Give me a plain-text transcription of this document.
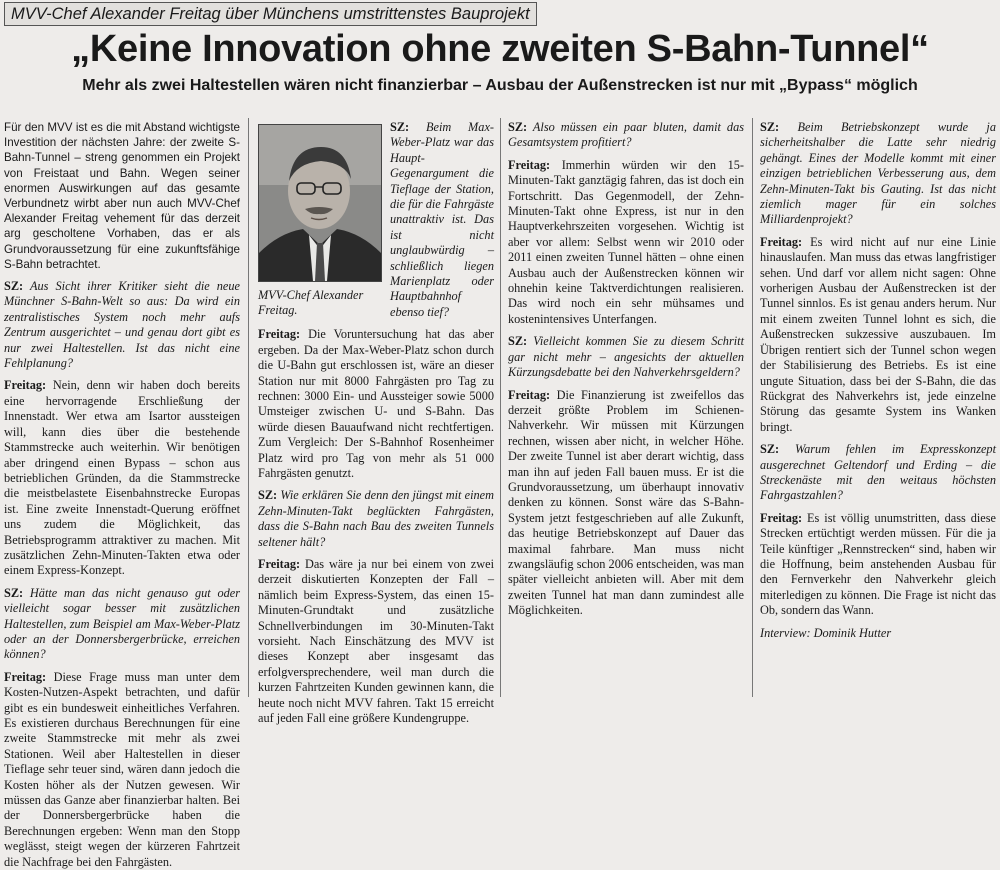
MVV-Chef Alexander Freitag über Münchens umstrittenstes Bauprojekt
„Keine Innovation ohne zweiten S-Bahn-Tunnel“
Mehr als zwei Haltestellen wären nicht finanzierbar – Ausbau der Außenstrecken ist nur mit „Bypass“ möglich

Für den MVV ist es die mit Abstand wichtigste Investition der nächsten Jahre: der zweite S-Bahn-Tunnel – streng genommen ein Projekt von Freistaat und Bahn. Wegen seiner enormen Auswirkungen auf das gesamte Verbundnetz wirbt aber nun auch MVV-Chef Alexander Freitag vehement für das derzeit arg gescholtene Vorhaben, das er als Grundvoraussetzung für eine zukunftsfähige S-Bahn betrachtet.

SZ: Aus Sicht ihrer Kritiker sieht die neue Münchner S-Bahn-Welt so aus: Da wird ein zentralistisches System noch mehr aufs Zentrum ausgerichtet – und genau dort gibt es nur zwei Haltestellen. Ist das nicht eine Fehlplanung?

Freitag: Nein, denn wir haben doch bereits eine hervorragende Erschließung der Innenstadt. Wer etwa am Isartor aussteigen will, kann dies über die bestehende Stammstrecke auch weiterhin. Wir benötigen aber dringend einen Bypass – schon aus betrieblichen Gründen, da die Stammstrecke die meistbelastete Eisenbahnstrecke Europas ist. Eine zweite Innenstadt-Querung eröffnet uns zudem die Möglichkeit, das Betriebsprogramm attraktiver zu machen. Mit zusätzlichen Zehn-Minuten-Takten etwa oder einem Express-Konzept.

SZ: Hätte man das nicht genauso gut oder vielleicht sogar besser mit zusätzlichen Haltestellen, zum Beispiel am Max-Weber-Platz oder an der Donnersbergerbrücke, erreichen können?

Freitag: Diese Frage muss man unter dem Kosten-Nutzen-Aspekt betrachten, und dafür gibt es ein bundesweit einheitliches Verfahren. Es existieren durchaus Berechnungen für eine zweite Stammstrecke mit mehr als zwei Stationen. Weil aber Haltestellen in dieser Tieflage sehr teuer sind, wären dann jedoch die Kosten höher als der Nutzen gewesen. Wir müssen das Ganze aber finanzierbar halten. Bei der Donnersbergerbrücke haben die Berechnungen ergeben: Wenn man den Stopp weglässt, steigt wegen der kürzeren Fahrtzeit die Nachfrage bei den Fahrgästen.

MVV-Chef Alexander Freitag.

SZ: Beim Max-Weber-Platz war das Haupt-Gegenargument die Tieflage der Station, die für die Fahrgäste unattraktiv ist. Das ist nicht unglaubwürdig – schließlich liegen Marienplatz oder Hauptbahnhof ebenso tief?

Freitag: Die Voruntersuchung hat das aber ergeben. Da der Max-Weber-Platz schon durch die U-Bahn gut erschlossen ist, wäre an dieser Station nur mit 8000 Fahrgästen pro Tag zu rechnen: 3000 Ein- und Aussteiger sowie 5000 Umsteiger zwischen U- und S-Bahn. Das würde diesen Bauaufwand nicht rechtfertigen. Zum Vergleich: Der S-Bahnhof Rosenheimer Platz wird pro Tag von mehr als 51 000 Fahrgästen genutzt.

SZ: Wie erklären Sie denn den jüngst mit einem Zehn-Minuten-Takt beglückten Fahrgästen, dass die S-Bahn nach Bau des zweiten Tunnels seltener hält?

Freitag: Das wäre ja nur bei einem von zwei derzeit diskutierten Konzepten der Fall – nämlich beim Express-System, das einen 15-Minuten-Grundtakt und zusätzliche Schnellverbindungen im 30-Minuten-Takt vorsieht. Nach Einschätzung des MVV ist dieses Konzept aber insgesamt das erfolgversprechendere, weil man durch die kurzen Fahrtzeiten Kunden gewinnen kann, die heute noch nicht MVV fahren. Takt 15 erreicht auf jeden Fall eine größere Kundengruppe.

SZ: Also müssen ein paar bluten, damit das Gesamtsystem profitiert?

Freitag: Immerhin würden wir den 15-Minuten-Takt ganztägig fahren, das ist doch ein Fortschritt. Das Gegenmodell, der Zehn-Minuten-Takt ohne Express, ist nur in den Hauptverkehrszeiten vorgesehen. Wichtig ist aber vor allem: Selbst wenn wir 2010 oder 2011 einen zweiten Tunnel hätten – ohne einen Ausbau auch der Außenstrecken können wir ohnehin keine Taktverdichtungen realisieren. Das wird noch ein sehr mühsames und kostenintensives Unterfangen.

SZ: Vielleicht kommen Sie zu diesem Schritt gar nicht mehr – angesichts der aktuellen Kürzungsdebatte bei den Nahverkehrsgeldern?

Freitag: Die Finanzierung ist zweifellos das derzeit größte Problem im Schienen-Nahverkehr. Wir müssen mit Kürzungen rechnen, wissen aber nicht, in welcher Höhe. Der zweite Tunnel ist aber derart wichtig, dass man ihn auf jeden Fall bauen muss. Er ist die Grundvoraussetzung, um überhaupt innovativ denken zu können. Sonst wäre das S-Bahn-System jetzt festgeschrieben auf alle Zukunft, das heutige Betriebskonzept auf Dauer das maximal fahrbare. Man muss nicht zwangsläufig schon 2006 entscheiden, was man später vielleicht anbieten will. Aber mit dem zweiten Tunnel hat man dann zumindest alle Möglichkeiten.

SZ: Beim Betriebskonzept wurde ja sicherheitshalber die Latte sehr niedrig gehängt. Eines der Modelle kommt mit einer einzigen betrieblichen Verbesserung aus, dem Zehn-Minuten-Takt bis Gauting. Ist das nicht ziemlich mager für ein solches Milliardenprojekt?

Freitag: Es wird nicht auf nur eine Linie hinauslaufen. Man muss das etwas langfristiger sehen. Und darf vor allem nicht sagen: Ohne vorherigen Ausbau der Außenstrecken ist der Tunnel sinnlos. Es ist genau anders herum. Nur mit einem zweiten Tunnel lohnt es sich, die Außenstrecken sukzessive auszubauen. Im Übrigen rentiert sich der Tunnel schon wegen der Stabilisierung des Betriebs. Es ist eine ungute Situation, dass bei der S-Bahn, die das Rückgrat des Nahverkehrs ist, jede einzelne Störung das gesamte System ins Wanken bringt.

SZ: Warum fehlen im Expresskonzept ausgerechnet Geltendorf und Erding – die Streckenäste mit den weitaus höchsten Fahrgastzahlen?

Freitag: Es ist völlig unumstritten, dass diese Strecken ertüchtigt werden müssen. Für die ja Teile künftiger „Rennstrecken“ sind, haben wir die Hoffnung, beim anstehenden Ausbau für den Fernverkehr den Nahverkehr gleich miterledigen zu können. Die Frage ist nicht das Ob, sondern das Wann.

Interview: Dominik Hutter
